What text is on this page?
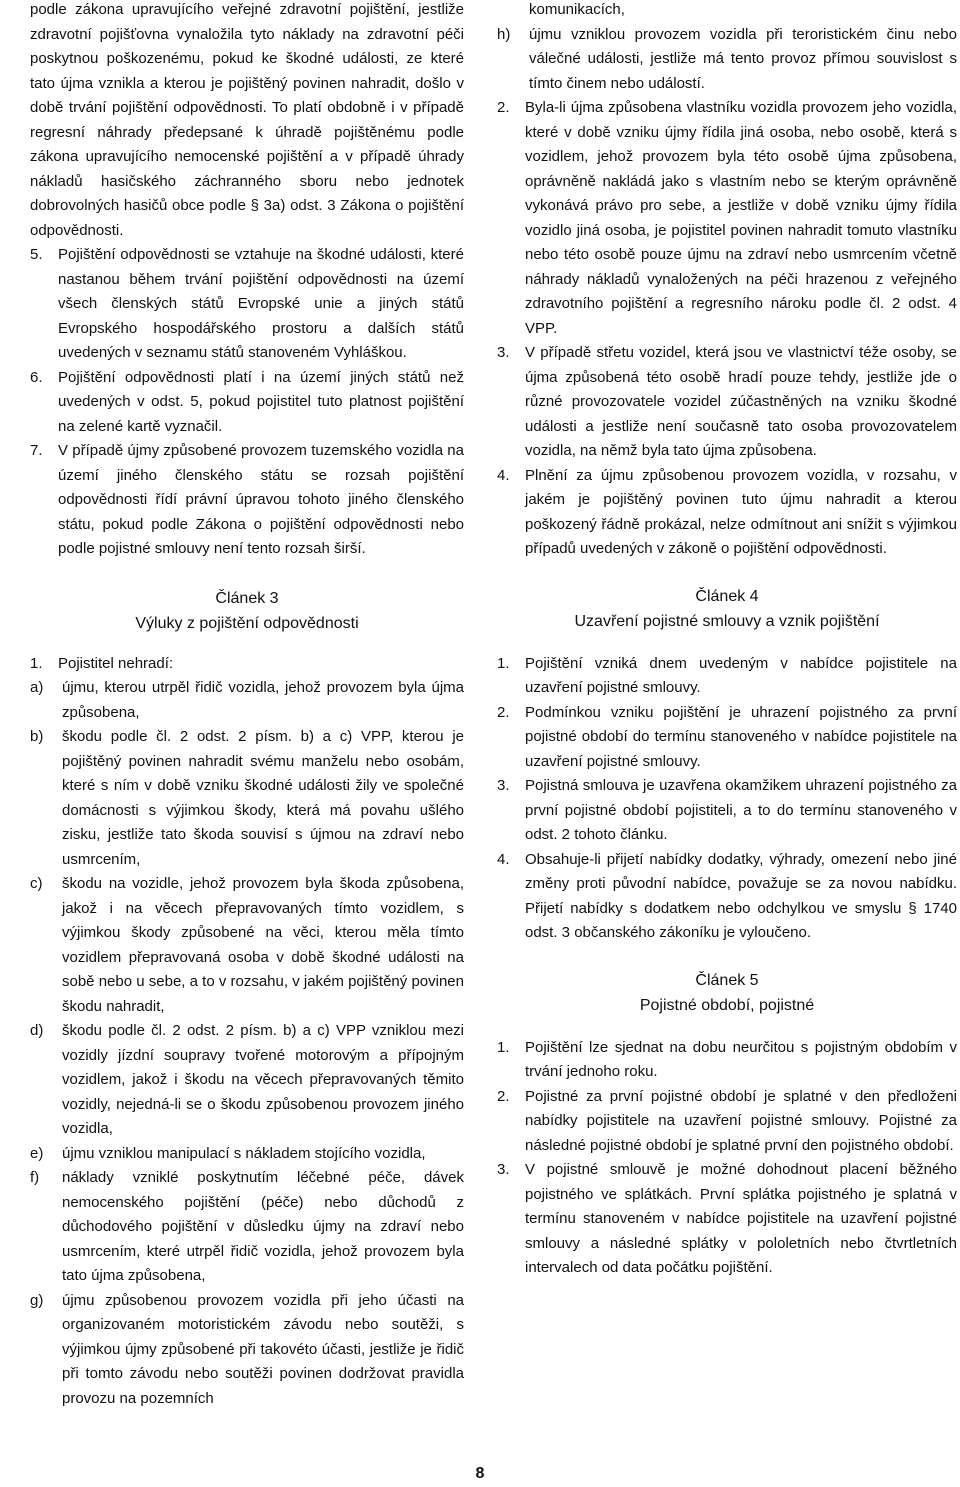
podle zákona upravujícího veřejné zdravotní pojištění, jestliže zdravotní pojišťovna vynaložila tyto náklady na zdravotní péči poskytnou poškozenému, pokud ke škodné události, ze které tato újma vznikla a kterou je pojištěný povinen nahradit, došlo v době trvání pojištění odpovědnosti. To platí obdobně i v případě regresní náhrady předepsané k úhradě pojištěnému podle zákona upravujícího nemocenské pojištění a v případě úhrady nákladů hasičského záchranného sboru nebo jednotek dobrovolných hasičů obce podle § 3a) odst. 3 Zákona o pojištění odpovědnosti.

5.	Pojištění odpovědnosti se vztahuje na škodné události, které nastanou během trvání pojištění odpovědnosti na území všech členských států Evropské unie a jiných států Evropského hospodářského prostoru a dalších států uvedených v seznamu států stanoveném Vyhláškou.
6.	Pojištění odpovědnosti platí i na území jiných států než uvedených v odst. 5, pokud pojistitel tuto platnost pojištění na zelené kartě vyznačil.
7.	V případě újmy způsobené provozem tuzemského vozidla na území jiného členského státu se rozsah pojištění odpovědnosti řídí právní úpravou tohoto jiného členského státu, pokud podle Zákona o pojištění odpovědnosti nebo podle pojistné smlouvy není tento rozsah širší.
Článek 3
Výluky z pojištění odpovědnosti
1.	Pojistitel nehradí:
a)	újmu, kterou utrpěl řidič vozidla, jehož provozem byla újma způsobena,
b)	škodu podle čl. 2 odst. 2 písm. b) a c) VPP, kterou je pojištěný povinen nahradit svému manželu nebo osobám, které s ním v době vzniku škodné události žily ve společné domácnosti s výjimkou škody, která má povahu ušlého zisku, jestliže tato škoda souvisí s újmou na zdraví nebo usmrcením,
c)	škodu na vozidle, jehož provozem byla škoda způsobena, jakož i na věcech přepravovaných tímto vozidlem, s výjimkou škody způsobené na věci, kterou měla tímto vozidlem přepravovaná osoba v době škodné události na sobě nebo u sebe, a to v rozsahu, v jakém pojištěný povinen škodu nahradit,
d)	škodu podle čl. 2 odst. 2 písm. b) a c) VPP vzniklou mezi vozidly jízdní soupravy tvořené motorovým a přípojným vozidlem, jakož i škodu na věcech přepravovaných těmito vozidly, nejedná-li se o škodu způsobenou provozem jiného vozidla,
e)	újmu vzniklou manipulací s nákladem stojícího vozidla,
f)	náklady vzniklé poskytnutím léčebné péče, dávek nemocenského pojištění (péče) nebo důchodů z důchodového pojištění v důsledku újmy na zdraví nebo usmrcením, které utrpěl řidič vozidla, jehož provozem byla tato újma způsobena,
g)	újmu způsobenou provozem vozidla při jeho účasti na organizovaném motoristickém závodu nebo soutěži, s výjimkou újmy způsobené při takovéto účasti, jestliže je řidič při tomto závodu nebo soutěži povinen dodržovat pravidla provozu na pozemních
komunikacích,
h)	újmu vzniklou provozem vozidla při teroristickém činu nebo válečné události, jestliže má tento provoz přímou souvislost s tímto činem nebo událostí.
2.	Byla-li újma způsobena vlastníku vozidla provozem jeho vozidla, které v době vzniku újmy řídila jiná osoba, nebo osobě, která s vozidlem, jehož provozem byla této osobě újma způsobena, oprávněně nakládá jako s vlastním nebo se kterým oprávněně vykonává právo pro sebe, a jestliže v době vzniku újmy řídila vozidlo jiná osoba, je pojistitel povinen nahradit tomuto vlastníku nebo této osobě pouze újmu na zdraví nebo usmrcením včetně náhrady nákladů vynaložených na péči hrazenou z veřejného zdravotního pojištění a regresního nároku podle čl. 2 odst. 4 VPP.
3.	V případě střetu vozidel, která jsou ve vlastnictví téže osoby, se újma způsobená této osobě hradí pouze tehdy, jestliže jde o různé provozovatele vozidel zúčastněných na vzniku škodné události a jestliže není současně tato osoba provozovatelem vozidla, na němž byla tato újma způsobena.
4.	Plnění za újmu způsobenou provozem vozidla, v rozsahu, v jakém je pojištěný povinen tuto újmu nahradit a kterou poškozený řádně prokázal, nelze odmítnout ani snížit s výjimkou případů uvedených v zákoně o pojištění odpovědnosti.
Článek 4
Uzavření pojistné smlouvy a vznik pojištění
1.	Pojištění vzniká dnem uvedeným v nabídce pojistitele na uzavření pojistné smlouvy.
2.	Podmínkou vzniku pojištění je uhrazení pojistného za první pojistné období do termínu stanoveného v nabídce pojistitele na uzavření pojistné smlouvy.
3.	Pojistná smlouva je uzavřena okamžikem uhrazení pojistného za první pojistné období pojistiteli, a to do termínu stanoveného v odst. 2 tohoto článku.
4.	Obsahuje-li přijetí nabídky dodatky, výhrady, omezení nebo jiné změny proti původní nabídce, považuje se za novou nabídku. Přijetí nabídky s dodatkem nebo odchylkou ve smyslu § 1740 odst. 3 občanského zákoníku je vyloučeno.
Článek 5
Pojistné období, pojistné
1.	Pojištění lze sjednat na dobu neurčitou s pojistným obdobím v trvání jednoho roku.
2.	Pojistné za první pojistné období je splatné v den předloženi nabídky pojistitele na uzavření pojistné smlouvy. Pojistné za následné pojistné období je splatné první den pojistného období.
3.	V pojistné smlouvě je možné dohodnout placení běžného pojistného ve splátkách. První splátka pojistného je splatná v termínu stanoveném v nabídce pojistitele na uzavření pojistné smlouvy a následné splátky v pololetních nebo čtvrtletních intervalech od data počátku pojištění.
8
